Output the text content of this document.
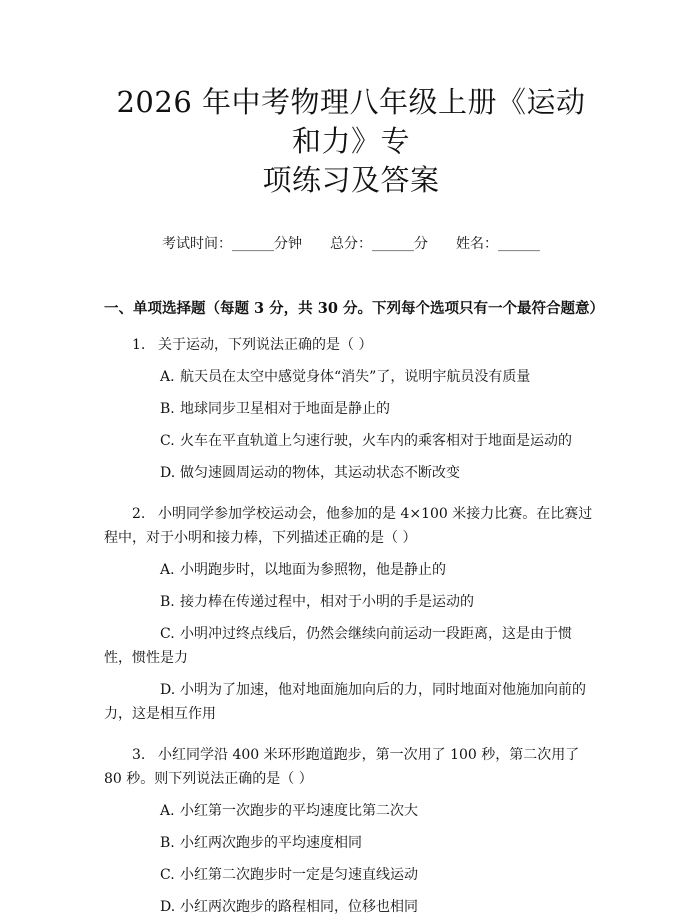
2026 年中考物理八年级上册《运动和力》专
项练习及答案
考试时间：______分钟 总分：______分 姓名：______
一、单项选择题（每题 3 分，共 30 分。下列每个选项只有一个最符合题意）

1. 关于运动，下列说法正确的是（ ）

A. 航天员在太空中感觉身体“消失”了，说明宇航员没有质量

B. 地球同步卫星相对于地面是静止的

C. 火车在平直轨道上匀速行驶，火车内的乘客相对于地面是运动的

D. 做匀速圆周运动的物体，其运动状态不断改变

2. 小明同学参加学校运动会，他参加的是 4×100 米接力比赛。在比赛过程中，对于小明和接力棒，下列描述正确的是（ ）

A. 小明跑步时，以地面为参照物，他是静止的

B. 接力棒在传递过程中，相对于小明的手是运动的

C. 小明冲过终点线后，仍然会继续向前运动一段距离，这是由于惯性，惯性是力

D. 小明为了加速，他对地面施加向后的力，同时地面对他施加向前的力，这是相互作用

3. 小红同学沿 400 米环形跑道跑步，第一次用了 100 秒，第二次用了 80 秒。则下列说法正确的是（ ）

A. 小红第一次跑步的平均速度比第二次大

B. 小红两次跑步的平均速度相同

C. 小红第二次跑步时一定是匀速直线运动

D. 小红两次跑步的路程相同，位移也相同
